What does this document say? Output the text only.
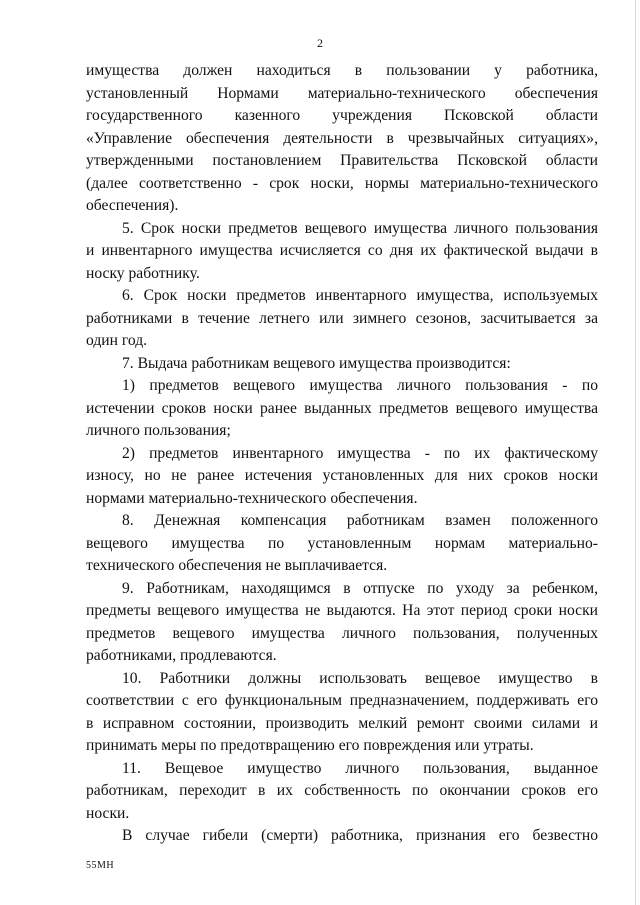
2
имущества должен находиться в пользовании у работника,
установленный Нормами материально-технического обеспечения
государственного казенного учреждения Псковской области
«Управление обеспечения деятельности в чрезвычайных ситуациях»,
утвержденными постановлением Правительства Псковской области
(далее соответственно - срок носки, нормы материально-технического
обеспечения).
5. Срок носки предметов вещевого имущества личного пользования
и инвентарного имущества исчисляется со дня их фактической выдачи в
носку работнику.
6. Срок носки предметов инвентарного имущества, используемых
работниками в течение летнего или зимнего сезонов, засчитывается за
один год.
7. Выдача работникам вещевого имущества производится:
1) предметов вещевого имущества личного пользования - по
истечении сроков носки ранее выданных предметов вещевого имущества
личного пользования;
2) предметов инвентарного имущества - по их фактическому
износу, но не ранее истечения установленных для них сроков носки
нормами материально-технического обеспечения.
8. Денежная компенсация работникам взамен положенного
вещевого имущества по установленным нормам материально-
технического обеспечения не выплачивается.
9. Работникам, находящимся в отпуске по уходу за ребенком,
предметы вещевого имущества не выдаются. На этот период сроки носки
предметов вещевого имущества личного пользования, полученных
работниками, продлеваются.
10. Работники должны использовать вещевое имущество в
соответствии с его функциональным предназначением, поддерживать его
в исправном состоянии, производить мелкий ремонт своими силами и
принимать меры по предотвращению его повреждения или утраты.
11. Вещевое имущество личного пользования, выданное
работникам, переходит в их собственность по окончании сроков его
носки.
В случае гибели (смерти) работника, признания его безвестно
55МН
